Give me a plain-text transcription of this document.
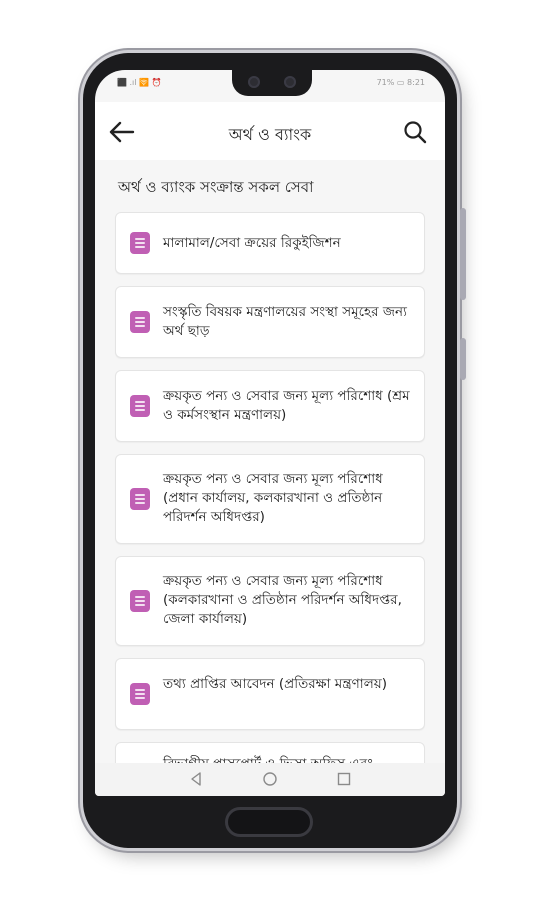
⬛ .ıl 🛜 ⏰	71% ▭ 8:21
অর্থ ও ব্যাংক
অর্থ ও ব্যাংক সংক্রান্ত সকল সেবা
মালামাল/সেবা ক্রয়ের রিকুইজিশন
সংস্কৃতি বিষয়ক মন্ত্রণালয়ের সংস্থা সমূহের জন্য অর্থ ছাড়
ক্রয়কৃত পন্য ও সেবার জন্য মূল্য পরিশোধ (শ্রম ও কর্মসংস্থান মন্ত্রণালয়)
ক্রয়কৃত পন্য ও সেবার জন্য মূল্য পরিশোধ (প্রধান কার্যালয়, কলকারখানা ও প্রতিষ্ঠান পরিদর্শন অধিদপ্তর)
ক্রয়কৃত পন্য ও সেবার জন্য মূল্য পরিশোধ (কলকারখানা ও প্রতিষ্ঠান পরিদর্শন অধিদপ্তর, জেলা কার্যালয়)
তথ্য প্রাপ্তির আবেদন (প্রতিরক্ষা মন্ত্রণালয়)
